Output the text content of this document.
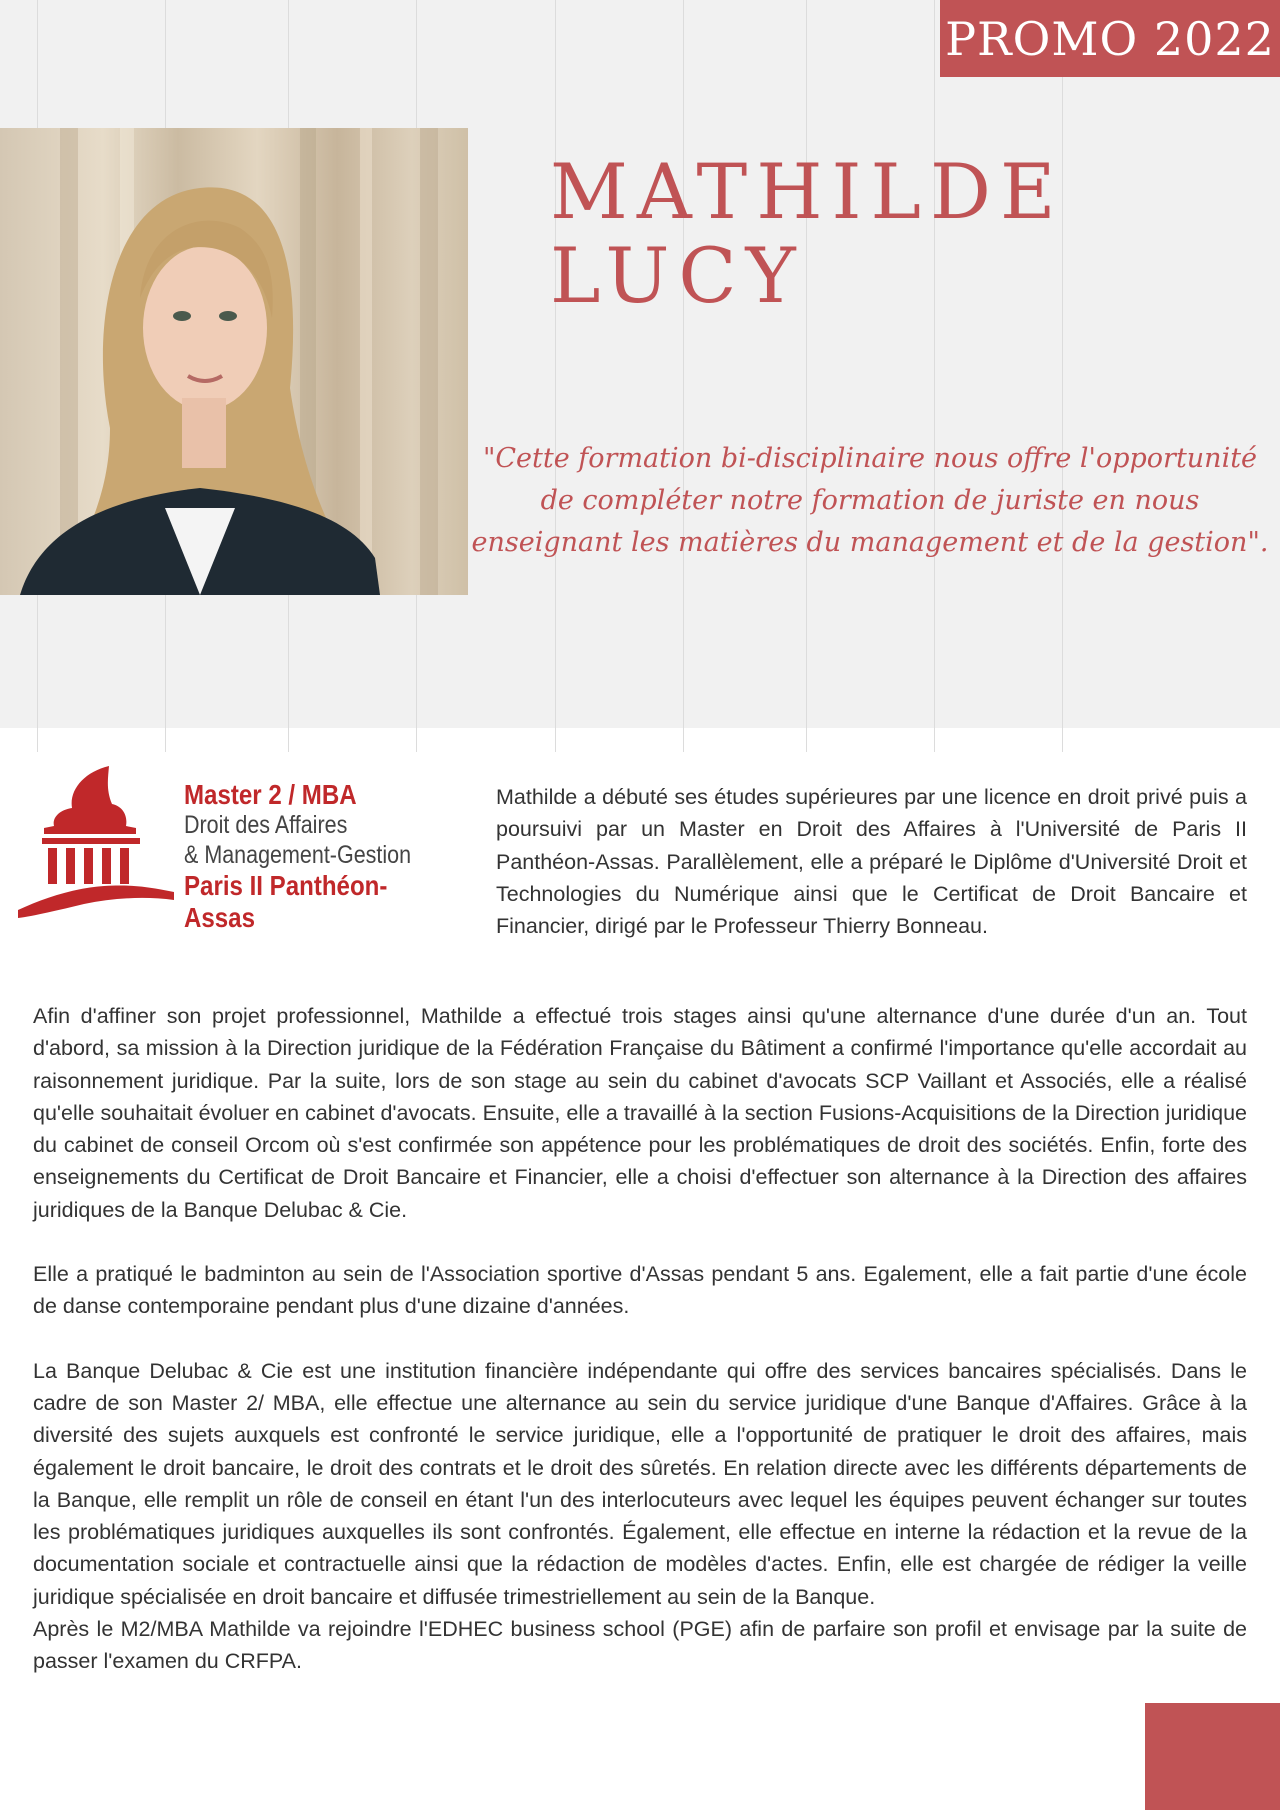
PROMO 2022
MATHILDE
LUCY
"Cette formation bi-disciplinaire nous offre l'opportunité de compléter notre formation de juriste en nous enseignant les matières du management et de la gestion".
Master 2 / MBA
Droit des Affaires
& Management-Gestion
Paris II Panthéon-Assas

Mathilde a débuté ses études supérieures par une licence en droit privé puis a poursuivi par un Master en Droit des Affaires à l'Université de Paris II Panthéon-Assas. Parallèlement, elle a préparé le Diplôme d'Université Droit et Technologies du Numérique ainsi que le Certificat de Droit Bancaire et Financier, dirigé par le Professeur Thierry Bonneau.

Afin d'affiner son projet professionnel, Mathilde a effectué trois stages ainsi qu'une alternance d'une durée d'un an. Tout d'abord, sa mission à la Direction juridique de la Fédération Française du Bâtiment a confirmé l'importance qu'elle accordait au raisonnement juridique. Par la suite, lors de son stage au sein du cabinet d'avocats SCP Vaillant et Associés, elle a réalisé qu'elle souhaitait évoluer en cabinet d'avocats. Ensuite, elle a travaillé à la section Fusions-Acquisitions de la Direction juridique du cabinet de conseil Orcom où s'est confirmée son appétence pour les problématiques de droit des sociétés. Enfin, forte des enseignements du Certificat de Droit Bancaire et Financier, elle a choisi d'effectuer son alternance à la Direction des affaires juridiques de la Banque Delubac & Cie.

Elle a pratiqué le badminton au sein de l'Association sportive d'Assas pendant 5 ans. Egalement, elle a fait partie d'une école de danse contemporaine pendant plus d'une dizaine d'années.

La Banque Delubac & Cie est une institution financière indépendante qui offre des services bancaires spécialisés. Dans le cadre de son Master 2/ MBA, elle effectue une alternance au sein du service juridique d'une Banque d'Affaires. Grâce à la diversité des sujets auxquels est confronté le service juridique, elle a l'opportunité de pratiquer le droit des affaires, mais également le droit bancaire, le droit des contrats et le droit des sûretés. En relation directe avec les différents départements de la Banque, elle remplit un rôle de conseil en étant l'un des interlocuteurs avec lequel les équipes peuvent échanger sur toutes les problématiques juridiques auxquelles ils sont confrontés. Également, elle effectue en interne la rédaction et la revue de la documentation sociale et contractuelle ainsi que la rédaction de modèles d'actes. Enfin, elle est chargée de rédiger la veille juridique spécialisée en droit bancaire et diffusée trimestriellement au sein de la Banque.

Après le M2/MBA Mathilde va rejoindre l'EDHEC business school (PGE) afin de parfaire son profil et envisage par la suite de passer l'examen du CRFPA.
